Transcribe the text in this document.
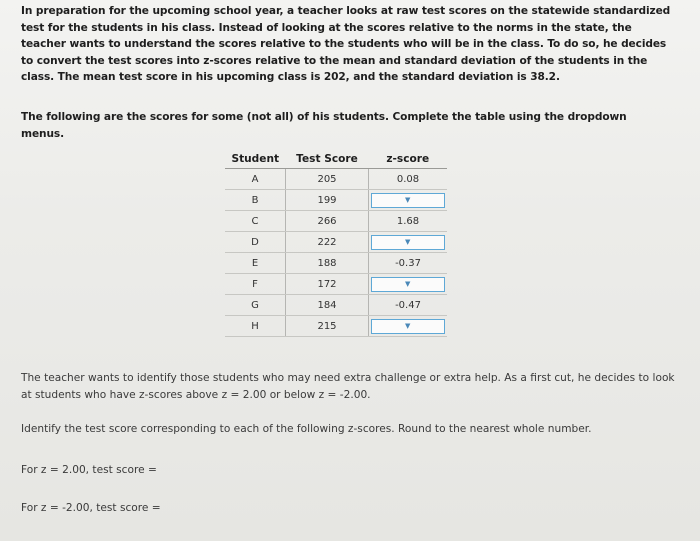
In preparation for the upcoming school year, a teacher looks at raw test scores on the statewide standardized test for the students in his class. Instead of looking at the scores relative to the norms in the state, the teacher wants to understand the scores relative to the students who will be in the class. To do so, he decides to convert the test scores into z-scores relative to the mean and standard deviation of the students in the class. The mean test score in his upcoming class is 202, and the standard deviation is 38.2.

The following are the scores for some (not all) of his students. Complete the table using the dropdown menus.

Student	Test Score	z-score
A	205	0.08
B	199	▼

C	266	1.68
D	222	▼

E	188	-0.37
F	172	▼

G	184	-0.47
H	215	▼

The teacher wants to identify those students who may need extra challenge or extra help. As a first cut, he decides to look at students who have z-scores above z = 2.00 or below z = -2.00.

Identify the test score corresponding to each of the following z-scores. Round to the nearest whole number.

For z = 2.00, test score =

For z = -2.00, test score =
